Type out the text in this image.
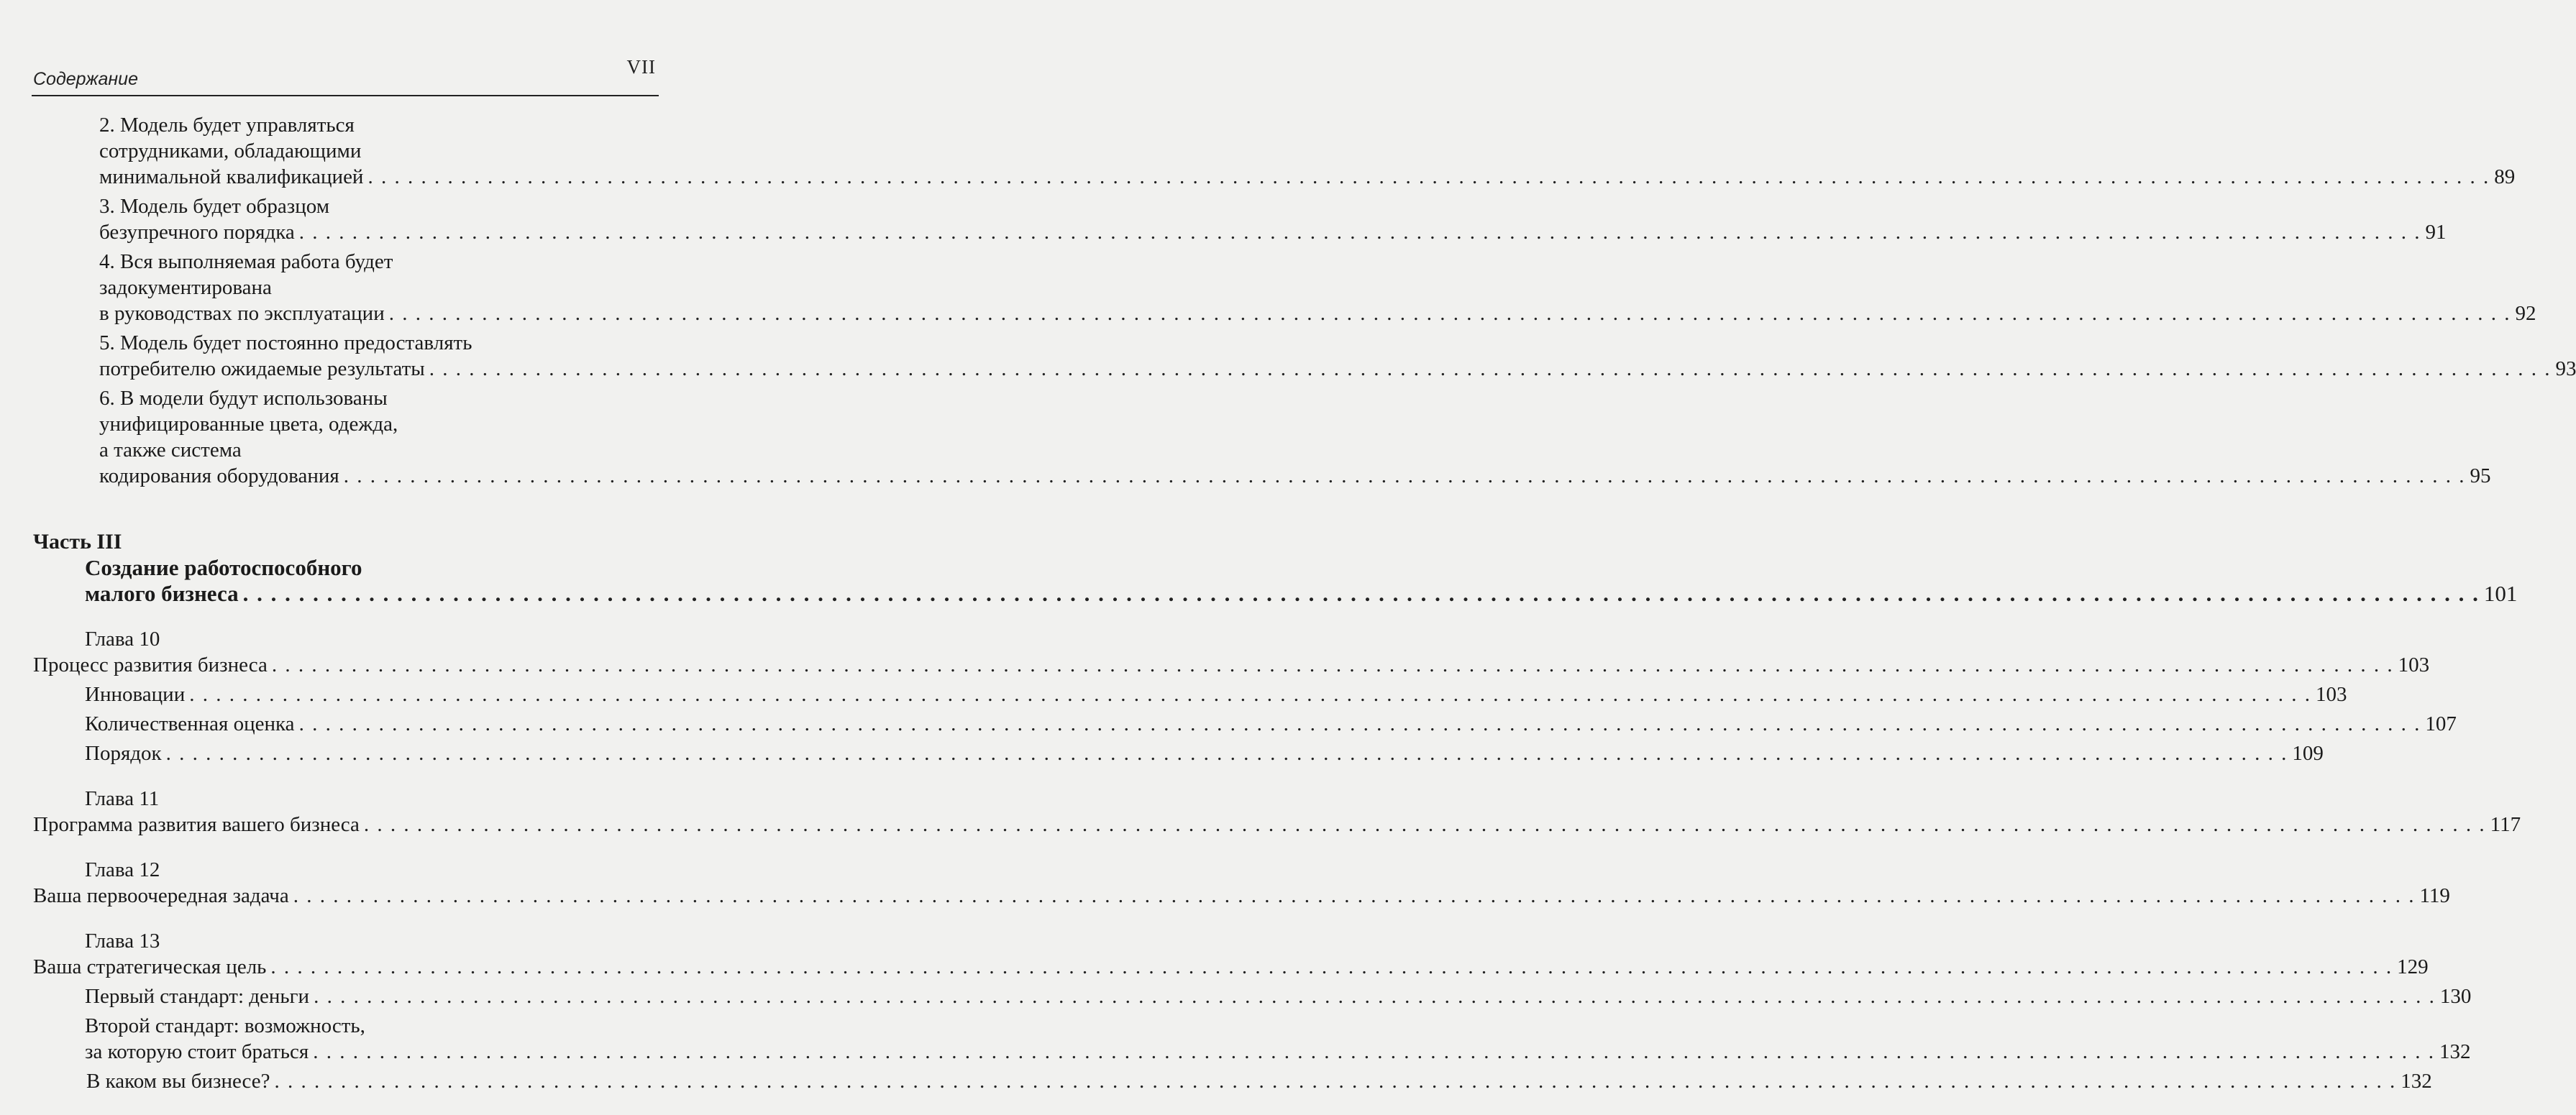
Содержание
VII
2. Модель будет управляться
сотрудниками, обладающими
минимальной квалификацией . . . . . . . . . . . . . . . . . . . . . . . . . . . . . . . . . . . . . . . . . . . . . . . . . . . . . . . . . . . . . . . . . . . . . . . . . . . . . . . . . . . . . . . . . . . . . . . . . . . . . . . . . . . . . . . . . . . . . . . . . . . . . . . . . . . . . . . . . . . . . . . . . . . . . . . . . . . . . . . . 89
3. Модель будет образцом
безупречного порядка . . . . . . . . . . . . . . . . . . . . . . . . . . . . . . . . . . . . . . . . . . . . . . . . . . . . . . . . . . . . . . . . . . . . . . . . . . . . . . . . . . . . . . . . . . . . . . . . . . . . . . . . . . . . . . . . . . . . . . . . . . . . . . . . . . . . . . . . . . . . . . . . . . . . . . . . . . . . . . . . 91
4. Вся выполняемая работа будет
задокументирована
в руководствах по эксплуатации . . . . . . . . . . . . . . . . . . . . . . . . . . . . . . . . . . . . . . . . . . . . . . . . . . . . . . . . . . . . . . . . . . . . . . . . . . . . . . . . . . . . . . . . . . . . . . . . . . . . . . . . . . . . . . . . . . . . . . . . . . . . . . . . . . . . . . . . . . . . . . . . . . . . . . . . . . . . . . . . 92
5. Модель будет постоянно предоставлять
потребителю ожидаемые результаты . . . . . . . . . . . . . . . . . . . . . . . . . . . . . . . . . . . . . . . . . . . . . . . . . . . . . . . . . . . . . . . . . . . . . . . . . . . . . . . . . . . . . . . . . . . . . . . . . . . . . . . . . . . . . . . . . . . . . . . . . . . . . . . . . . . . . . . . . . . . . . . . . . . . . . . . . . . . . . . . 93
6. В модели будут использованы
унифицированные цвета, одежда,
а также система
кодирования оборудования . . . . . . . . . . . . . . . . . . . . . . . . . . . . . . . . . . . . . . . . . . . . . . . . . . . . . . . . . . . . . . . . . . . . . . . . . . . . . . . . . . . . . . . . . . . . . . . . . . . . . . . . . . . . . . . . . . . . . . . . . . . . . . . . . . . . . . . . . . . . . . . . . . . . . . . . . . . . . . . . 95
Часть III
Создание работоспособного
малого бизнеса . . . . . . . . . . . . . . . . . . . . . . . . . . . . . . . . . . . . . . . . . . . . . . . . . . . . . . . . . . . . . . . . . . . . . . . . . . . . . . . . . . . . . . . . . . . . . . . . . . . . . . . . . . . . . . . . . . . . . . . . . . . . . . . . . . . . . . . . . . . . . . . . . . . . . . . . . . . . . . . . 101
Глава 10
Процесс развития бизнеса . . . . . . . . . . . . . . . . . . . . . . . . . . . . . . . . . . . . . . . . . . . . . . . . . . . . . . . . . . . . . . . . . . . . . . . . . . . . . . . . . . . . . . . . . . . . . . . . . . . . . . . . . . . . . . . . . . . . . . . . . . . . . . . . . . . . . . . . . . . . . . . . . . . . . . . . . . . . . . . . 103
Инновации . . . . . . . . . . . . . . . . . . . . . . . . . . . . . . . . . . . . . . . . . . . . . . . . . . . . . . . . . . . . . . . . . . . . . . . . . . . . . . . . . . . . . . . . . . . . . . . . . . . . . . . . . . . . . . . . . . . . . . . . . . . . . . . . . . . . . . . . . . . . . . . . . . . . . . . . . . . . . . . . 103
Количественная оценка . . . . . . . . . . . . . . . . . . . . . . . . . . . . . . . . . . . . . . . . . . . . . . . . . . . . . . . . . . . . . . . . . . . . . . . . . . . . . . . . . . . . . . . . . . . . . . . . . . . . . . . . . . . . . . . . . . . . . . . . . . . . . . . . . . . . . . . . . . . . . . . . . . . . . . . . . . . . . . . . 107
Порядок . . . . . . . . . . . . . . . . . . . . . . . . . . . . . . . . . . . . . . . . . . . . . . . . . . . . . . . . . . . . . . . . . . . . . . . . . . . . . . . . . . . . . . . . . . . . . . . . . . . . . . . . . . . . . . . . . . . . . . . . . . . . . . . . . . . . . . . . . . . . . . . . . . . . . . . . . . . . . . . . 109
Глава 11
Программа развития вашего бизнеса . . . . . . . . . . . . . . . . . . . . . . . . . . . . . . . . . . . . . . . . . . . . . . . . . . . . . . . . . . . . . . . . . . . . . . . . . . . . . . . . . . . . . . . . . . . . . . . . . . . . . . . . . . . . . . . . . . . . . . . . . . . . . . . . . . . . . . . . . . . . . . . . . . . . . . . . . . . . . . . . 117
Глава 12
Ваша первоочередная задача . . . . . . . . . . . . . . . . . . . . . . . . . . . . . . . . . . . . . . . . . . . . . . . . . . . . . . . . . . . . . . . . . . . . . . . . . . . . . . . . . . . . . . . . . . . . . . . . . . . . . . . . . . . . . . . . . . . . . . . . . . . . . . . . . . . . . . . . . . . . . . . . . . . . . . . . . . . . . . . . 119
Глава 13
Ваша стратегическая цель . . . . . . . . . . . . . . . . . . . . . . . . . . . . . . . . . . . . . . . . . . . . . . . . . . . . . . . . . . . . . . . . . . . . . . . . . . . . . . . . . . . . . . . . . . . . . . . . . . . . . . . . . . . . . . . . . . . . . . . . . . . . . . . . . . . . . . . . . . . . . . . . . . . . . . . . . . . . . . . . 129
Первый стандарт: деньги . . . . . . . . . . . . . . . . . . . . . . . . . . . . . . . . . . . . . . . . . . . . . . . . . . . . . . . . . . . . . . . . . . . . . . . . . . . . . . . . . . . . . . . . . . . . . . . . . . . . . . . . . . . . . . . . . . . . . . . . . . . . . . . . . . . . . . . . . . . . . . . . . . . . . . . . . . . . . . . . 130
Второй стандарт: возможность,
за которую стоит браться . . . . . . . . . . . . . . . . . . . . . . . . . . . . . . . . . . . . . . . . . . . . . . . . . . . . . . . . . . . . . . . . . . . . . . . . . . . . . . . . . . . . . . . . . . . . . . . . . . . . . . . . . . . . . . . . . . . . . . . . . . . . . . . . . . . . . . . . . . . . . . . . . . . . . . . . . . . . . . . . 132
В каком вы бизнесе? . . . . . . . . . . . . . . . . . . . . . . . . . . . . . . . . . . . . . . . . . . . . . . . . . . . . . . . . . . . . . . . . . . . . . . . . . . . . . . . . . . . . . . . . . . . . . . . . . . . . . . . . . . . . . . . . . . . . . . . . . . . . . . . . . . . . . . . . . . . . . . . . . . . . . . . . . . . . . . . . 132
